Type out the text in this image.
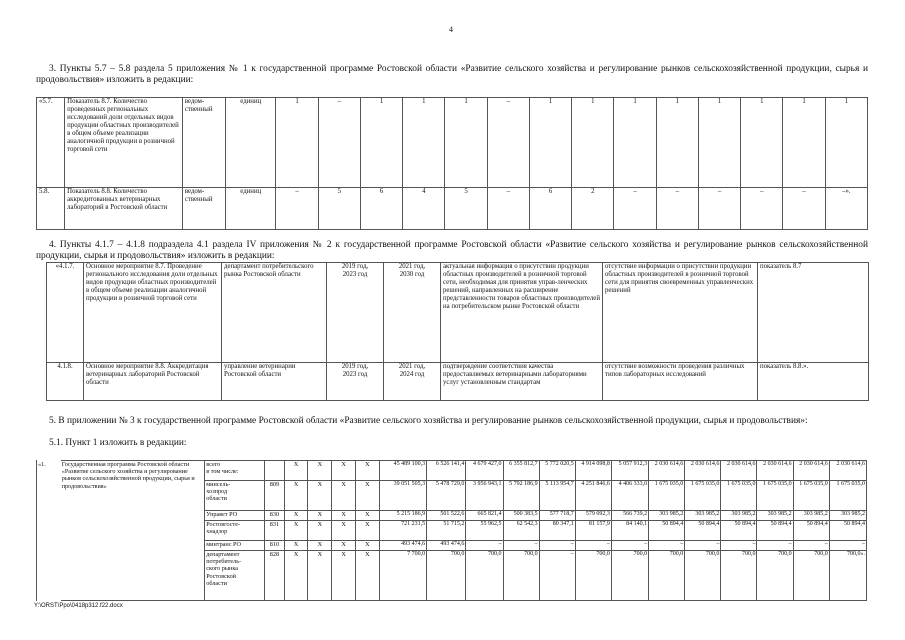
4

3. Пункты 5.7 – 5.8 раздела 5 приложения № 1 к государственной программе Ростовской области «Развитие сельского хозяйства и регулирование рынков сельскохозяйственной продукции, сырья и продовольствия» изложить в редакции:

«5.7.	Показатель 8.7. Количество проведенных региональных исследований доли отдельных видов продукции областных производителей в общем объеме реализации аналогичной продукции в розничной торговой сети	ведом-
ственный	единиц	1	–	1	1	1	–	1	1	1	1	1	1	1	1
5.8.	Показатель 8.8. Количество аккредитованных ветеринарных лабораторий в Ростовской области	ведом-
ственный	единиц	–	5	6	4	5	–	6	2	–	–	–	–	–	–».

4. Пункты 4.1.7 – 4.1.8 подраздела 4.1 раздела IV приложения № 2 к государственной программе Ростовской области «Развитие сельского хозяйства и регулирование рынков сельскохозяйственной продукции, сырья и продовольствия» изложить в редакции:

«4.1.7.	Основное мероприятие 8.7. Проведение регионального исследования доли отдельных видов продукции областных производителей в общем объеме реализации аналогичной продукции в розничной торговой сети	департамент потребительского рынка Ростовской области	2019 год,
2023 год	2021 год,
2030 год	актуальная информация о присутствии продукции областных производителей в розничной торговой сети, необходимая для принятия управ-ленческих решений, направленных на расширение представленности товаров областных производителей на потребительском рынке Ростовской области	отсутствие информации о присутствии продукции областных производителей в розничной торговой сети для принятия своевременных управленческих решений	показатель 8.7
4.1.8.	Основное мероприятие 8.8. Аккредитация ветеринарных лабораторий Ростовской области	управление ветеринарии Ростовской области	2019 год,
2023 год	2021 год,
2024 год	подтверждение соответствия качества предоставляемых ветеринарными лабораториями услуг установленным стандартам	отсутствие возможности проведения различных типов лабораторных исследований	показатель 8.8.».

5. В приложении № 3 к государственной программе Ростовской области «Развитие сельского хозяйства и регулирование рынков сельскохозяйственной продукции, сырья и продовольствия»:

5.1. Пункт 1 изложить в редакции:

«1.	Государственная программа Ростовской области «Развитие сельского хозяйства и регулирование рынков сельскохозяйственной продукции, сырья и продовольствия»	всего
в том числе:		X	X	X	X	45 489 100,3	6 526 141,4	4 679 427,0	6 355 812,7	5 772 020,5	4 914 098,8	5 057 912,3	2 030 614,6	2 030 614,6	2 030 614,6	2 030 614,6	2 030 614,6	2 030 614,6
		минсель-
хозпрод
области	809	X	X	X	X	39 051 505,3	5 478 729,0	3 956 943,1	5 792 186,9	5 113 954,7	4 251 846,6	4 406 333,0	1 675 035,0	1 675 035,0	1 675 035,0	1 675 035,0	1 675 035,0	1 675 035,0
		Управет РО	830	X	X	X	X	5 215 186,9	501 522,6	665 821,4	500 383,5	577 718,7	579 092,3	566 739,2	303 985,2	303 985,2	303 985,2	303 985,2	303 985,2	303 985,2
		Ростовгосте-
хнадзор	831	X	X	X	X	721 231,5	51 715,2	55 962,5	62 542,3	80 347,1	81 157,9	84 140,1	50 894,4	50 894,4	50 894,4	50 894,4	50 894,4	50 894,4
		минтранс РО	810	X	X	X	X	493 474,6	493 474,6	–	–	–	–	–	–	–	–	–	–	–
		департамент
потребитель-
ского рынка
Ростовской
области	828	X	X	X	X	7 700,0	700,0	700,0	700,0	–	700,0	700,0	700,0	700,0	700,0	700,0	700,0	700,0».
Y:\ORST\Ppo\0418p312.f22.docx
